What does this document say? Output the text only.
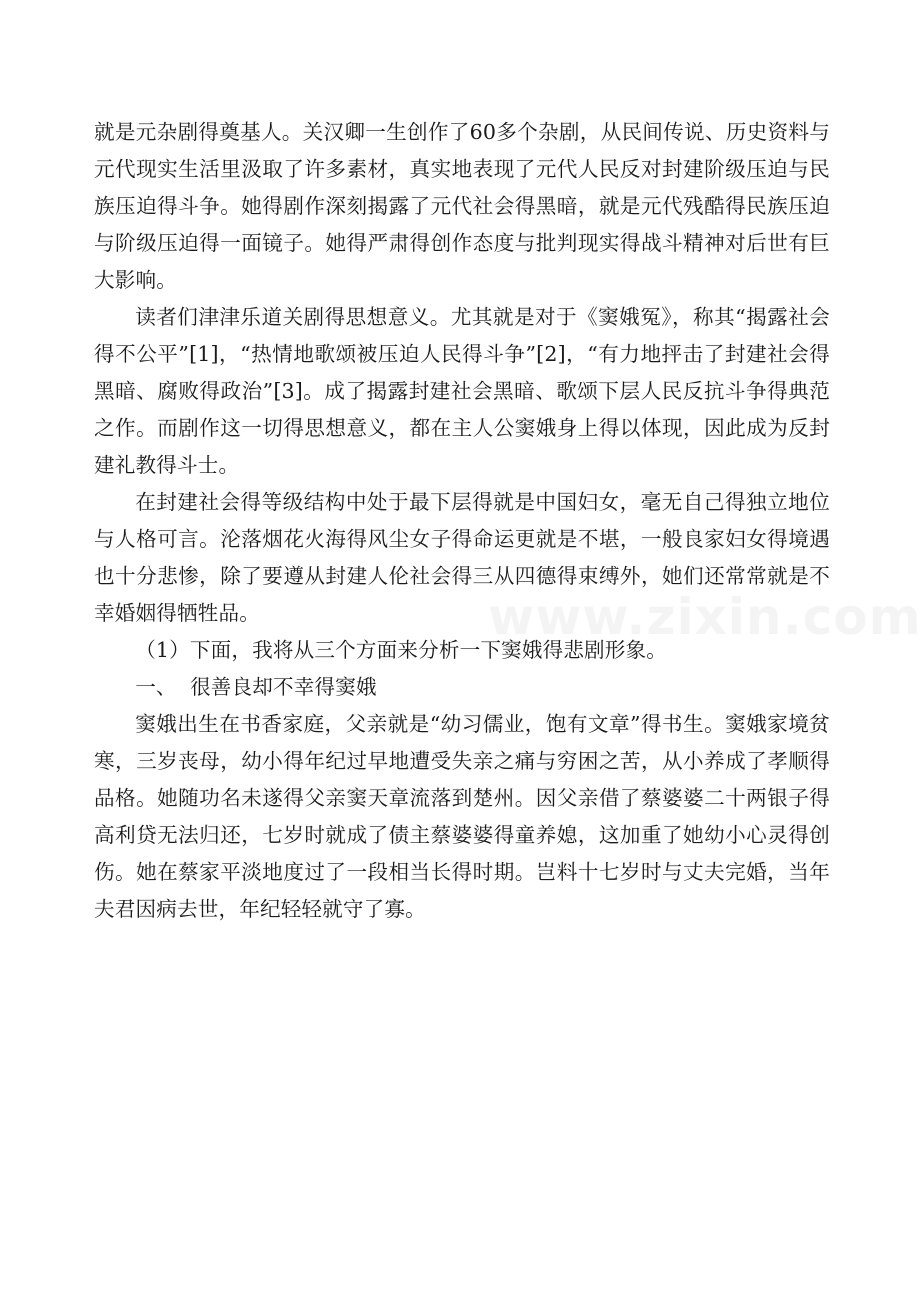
就是元杂剧得奠基人。关汉卿一生创作了60多个杂剧，从民间传说、历史资料与元代现实生活里汲取了许多素材，真实地表现了元代人民反对封建阶级压迫与民族压迫得斗争。她得剧作深刻揭露了元代社会得黑暗，就是元代残酷得民族压迫与阶级压迫得一面镜子。她得严肃得创作态度与批判现实得战斗精神对后世有巨大影响。

读者们津津乐道关剧得思想意义。尤其就是对于《窦娥冤》，称其“揭露社会得不公平”[1]，“热情地歌颂被压迫人民得斗争”[2]，“有力地抨击了封建社会得黑暗、腐败得政治”[3]。成了揭露封建社会黑暗、歌颂下层人民反抗斗争得典范之作。而剧作这一切得思想意义，都在主人公窦娥身上得以体现，因此成为反封建礼教得斗士。

在封建社会得等级结构中处于最下层得就是中国妇女，毫无自己得独立地位与人格可言。沦落烟花火海得风尘女子得命运更就是不堪，一般良家妇女得境遇也十分悲惨，除了要遵从封建人伦社会得三从四德得束缚外，她们还常常就是不幸婚姻得牺牲品。

（1）下面，我将从三个方面来分析一下窦娥得悲剧形象。

一、  很善良却不幸得窦娥

窦娥出生在书香家庭，父亲就是“幼习儒业，饱有文章”得书生。窦娥家境贫寒，三岁丧母，幼小得年纪过早地遭受失亲之痛与穷困之苦，从小养成了孝顺得品格。她随功名未遂得父亲窦天章流落到楚州。因父亲借了蔡婆婆二十两银子得高利贷无法归还，七岁时就成了债主蔡婆婆得童养媳，这加重了她幼小心灵得创伤。她在蔡家平淡地度过了一段相当长得时期。岂料十七岁时与丈夫完婚，当年夫君因病去世，年纪轻轻就守了寡。
